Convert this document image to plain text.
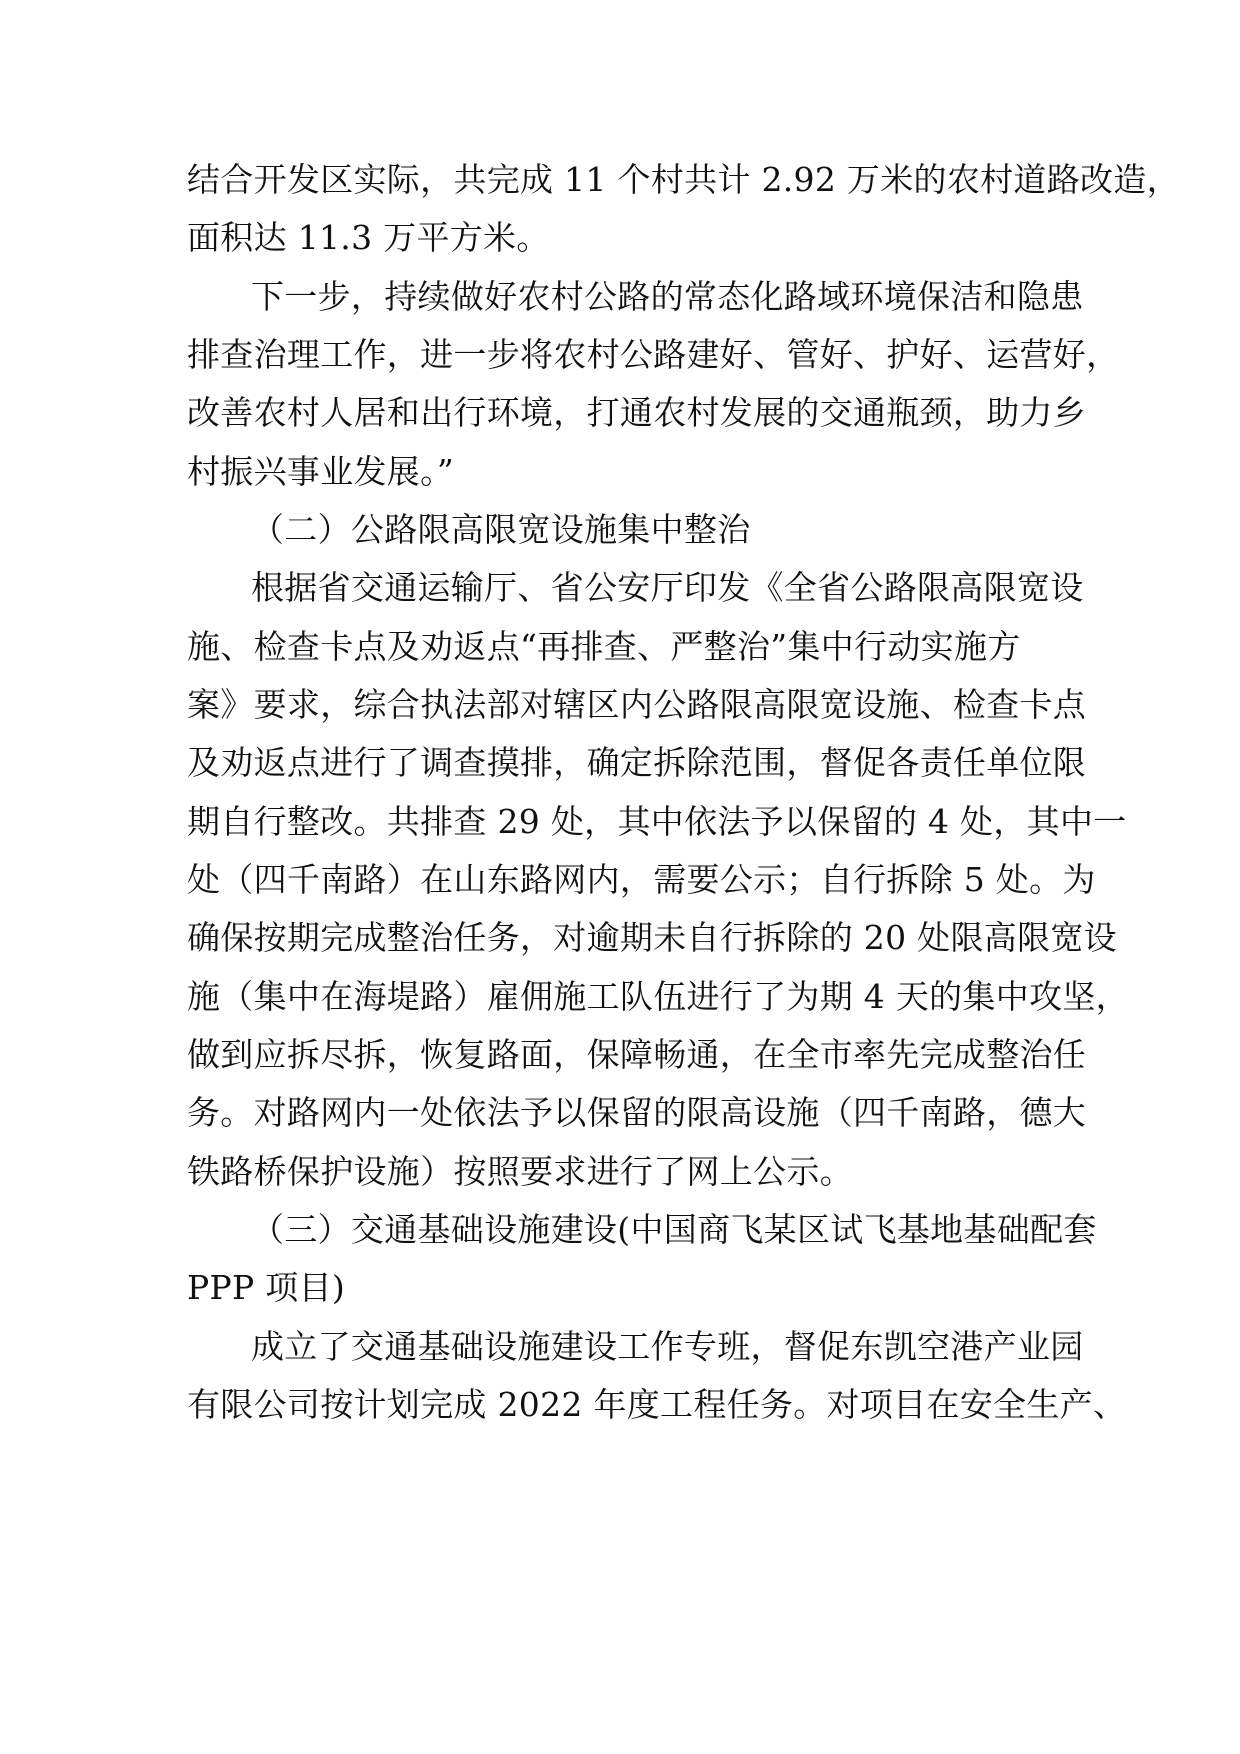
结合开发区实际，共完成 11 个村共计 2.92 万米的农村道路改造，
面积达 11.3 万平方米。
下一步，持续做好农村公路的常态化路域环境保洁和隐患
排查治理工作，进一步将农村公路建好、管好、护好、运营好，
改善农村人居和出行环境，打通农村发展的交通瓶颈，助力乡
村振兴事业发展。”
（二）公路限高限宽设施集中整治
根据省交通运输厅、省公安厅印发《全省公路限高限宽设
施、检查卡点及劝返点“再排查、严整治”集中行动实施方
案》要求，综合执法部对辖区内公路限高限宽设施、检查卡点
及劝返点进行了调查摸排，确定拆除范围，督促各责任单位限
期自行整改。共排查 29 处，其中依法予以保留的 4 处，其中一
处（四千南路）在山东路网内，需要公示；自行拆除 5 处。为
确保按期完成整治任务，对逾期未自行拆除的 20 处限高限宽设
施（集中在海堤路）雇佣施工队伍进行了为期 4 天的集中攻坚，
做到应拆尽拆，恢复路面，保障畅通，在全市率先完成整治任
务。对路网内一处依法予以保留的限高设施（四千南路，德大
铁路桥保护设施）按照要求进行了网上公示。
（三）交通基础设施建设(中国商飞某区试飞基地基础配套
PPP 项目)
成立了交通基础设施建设工作专班，督促东凯空港产业园
有限公司按计划完成 2022 年度工程任务。对项目在安全生产、
